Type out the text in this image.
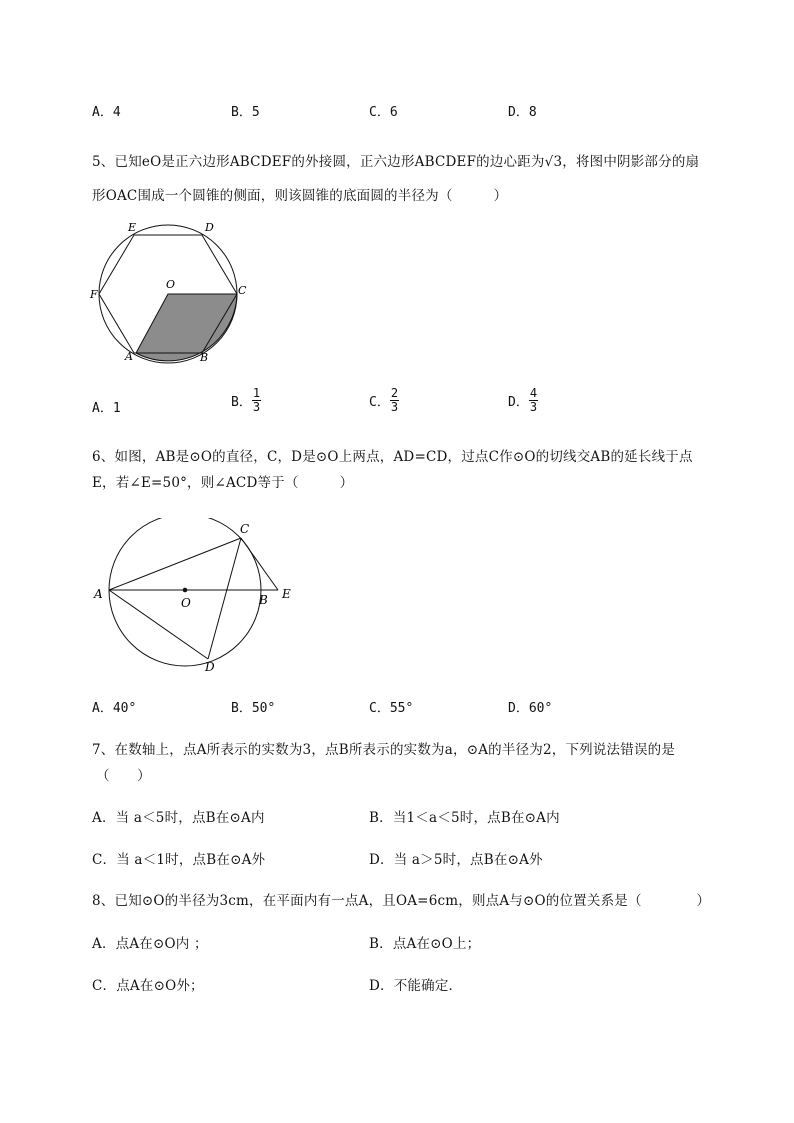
A．4	B．5	C．6	D．8
5、已知eO是正六边形ABCDEF的外接圆，正六边形ABCDEF的边心距为√3，将图中阴影部分的扇
形OAC围成一个圆锥的侧面，则该圆锥的底面圆的半径为（　　　）
E	D
F
O	C
A	B
A．1	B． $\frac{1}{3}$	C． $\frac{2}{3}$	D． $\frac{4}{3}$
6、如图，AB是⊙O的直径，C，D是⊙O上两点，AD=CD，过点C作⊙O的切线交AB的延长线于点
E，若∠E=50°，则∠ACD等于（　　　）
A
O	B E
C
D
A．40°	B．50°	C．55°	D．60°
7、在数轴上，点A所表示的实数为3，点B所表示的实数为a，⊙A的半径为2，下列说法错误的是
（　　）
A．当 a＜5时，点B在⊙A内	B．当1＜a＜5时，点B在⊙A内
C．当 a＜1时，点B在⊙A外	D．当 a＞5时，点B在⊙A外
8、已知⊙O的半径为3cm，在平面内有一点A，且OA=6cm，则点A与⊙O的位置关系是（　　　　）
A．点A在⊙O内 ；	B．点A在⊙O上；
C．点A在⊙O外；	D．不能确定．
